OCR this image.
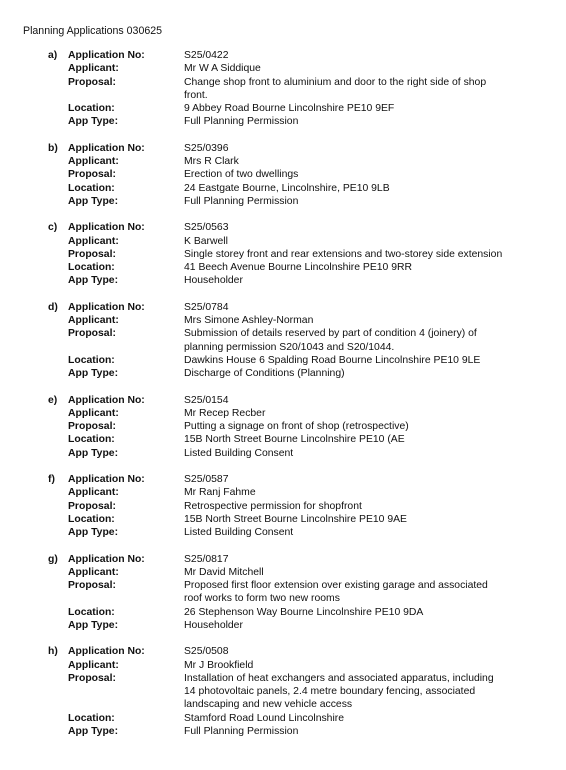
Planning Applications 030625
a) Application No:	S25/0422
Applicant:	Mr W A Siddique
Proposal:	Change shop front to aluminium and door to the right side of shop
front.
Location:	9 Abbey Road Bourne Lincolnshire PE10 9EF
App Type:	Full Planning Permission
b) Application No:	S25/0396
Applicant:	Mrs R Clark
Proposal:	Erection of two dwellings
Location:	24 Eastgate Bourne, Lincolnshire, PE10 9LB
App Type:	Full Planning Permission
c) Application No:	S25/0563
Applicant:	K Barwell
Proposal:	Single storey front and rear extensions and two-storey side extension
Location:	41 Beech Avenue Bourne Lincolnshire PE10 9RR
App Type:	Householder
d) Application No:	S25/0784
Applicant:	Mrs Simone Ashley-Norman
Proposal:	Submission of details reserved by part of condition 4 (joinery) of
planning permission S20/1043 and S20/1044.
Location:	Dawkins House 6 Spalding Road Bourne Lincolnshire PE10 9LE
App Type:	Discharge of Conditions (Planning)
e) Application No:	S25/0154
Applicant:	Mr Recep Recber
Proposal:	Putting a signage on front of shop (retrospective)
Location:	15B North Street Bourne Lincolnshire PE10 (AE
App Type:	Listed Building Consent
f) Application No:	S25/0587
Applicant:	Mr Ranj Fahme
Proposal:	Retrospective permission for shopfront
Location:	15B North Street Bourne Lincolnshire PE10 9AE
App Type:	Listed Building Consent
g) Application No:	S25/0817
Applicant:	Mr David Mitchell
Proposal:	Proposed first floor extension over existing garage and associated
roof works to form two new rooms
Location:	26 Stephenson Way Bourne Lincolnshire PE10 9DA
App Type:	Householder
h) Application No:	S25/0508
Applicant:	Mr J Brookfield
Proposal:	Installation of heat exchangers and associated apparatus, including
14 photovoltaic panels, 2.4 metre boundary fencing, associated
landscaping and new vehicle access
Location:	Stamford Road Lound Lincolnshire
App Type:	Full Planning Permission
